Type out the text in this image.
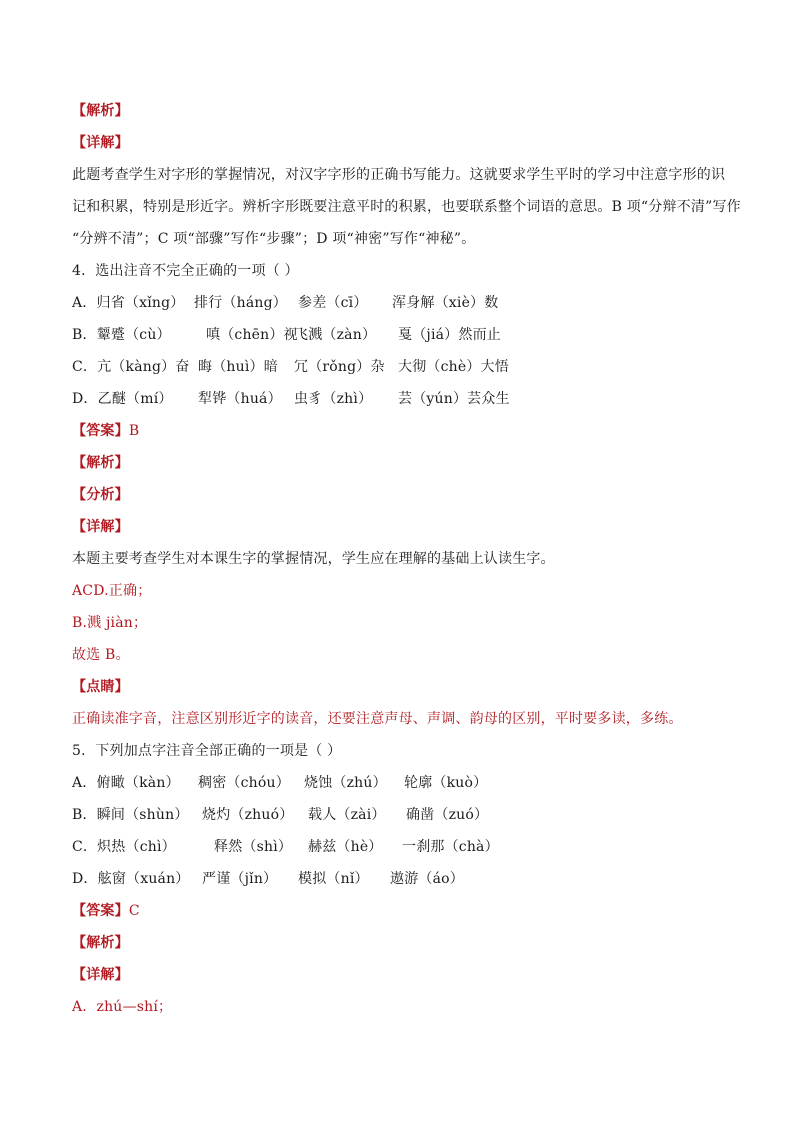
【解析】
【详解】
此题考查学生对字形的掌握情况，对汉字字形的正确书写能力。这就要求学生平时的学习中注意字形的识
记和积累，特别是形近字。辨析字形既要注意平时的积累，也要联系整个词语的意思。B 项“分辩不清”写作
“分辨不清”；C 项“部骤”写作“步骤”；D 项“神密”写作“神秘”。
4．选出注音不完全正确的一项（ ）
A．归省（xǐng） 排行（háng） 参差（cī） 浑身解（xiè）数
B．颦蹙（cù）	嗔（chēn）视
飞溅（zàn） 戛（jiá）然而止
C．亢（kàng）奋 晦（huì）暗 冗（rǒng）杂 大彻（chè）大悟
D．乙醚（mí） 犁铧（huá） 虫豸（zhì） 芸（yún）芸众生
【答案】B
【解析】
【分析】
【详解】
本题主要考查学生对本课生字的掌握情况，学生应在理解的基础上认读生字。
ACD.正确；
B.溅 jiàn；
故选 B。
【点睛】
正确读准字音，注意区别形近字的读音，还要注意声母、声调、韵母的区别，平时要多读，多练。
5．下列加点字注音全部正确的一项是（ ）
A．俯瞰（kàn） 稠密（chóu） 烧蚀（zhú） 轮廓（kuò）
B．瞬间（shùn） 烧灼（zhuó） 载人（zài） 确凿（zuó）
C．炽热（chì）	释然（shì） 赫兹（hè） 一刹那（chà）
D．舷窗（xuán） 严谨（jǐn） 模拟（nǐ） 遨游（áo）
【答案】C
【解析】
【详解】
A．zhú—shí；
